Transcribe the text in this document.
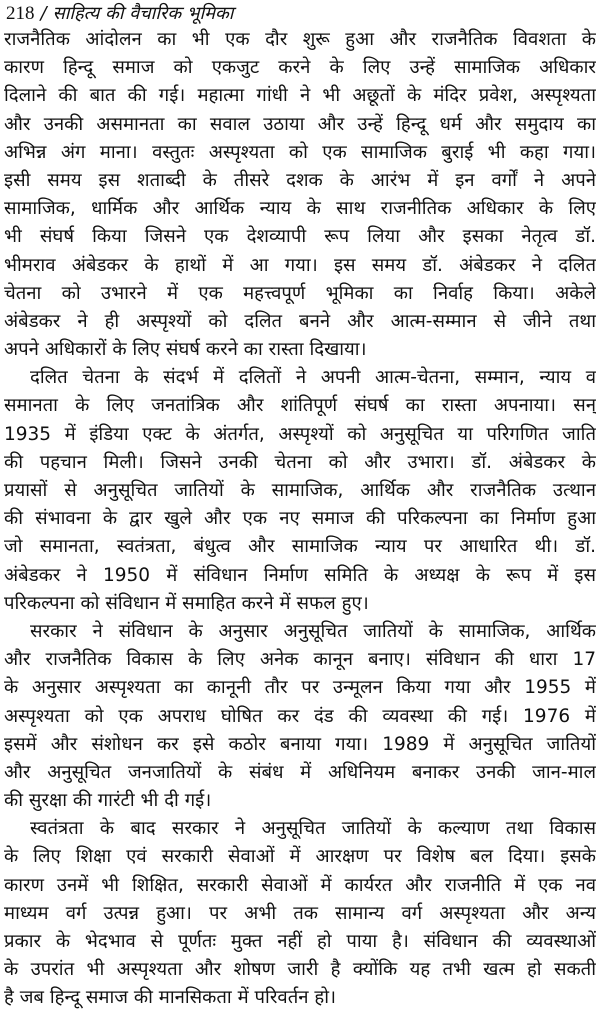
218 / साहित्य की वैचारिक भूमिका
राजनैतिक आंदोलन का भी एक दौर शुरू हुआ और राजनैतिक विवशता के
कारण हिन्दू समाज को एकजुट करने के लिए उन्हें सामाजिक अधिकार
दिलाने की बात की गई। महात्मा गांधी ने भी अछूतों के मंदिर प्रवेश, अस्पृश्यता
और उनकी असमानता का सवाल उठाया और उन्हें हिन्दू धर्म और समुदाय का
अभिन्न अंग माना। वस्तुतः अस्पृश्यता को एक सामाजिक बुराई भी कहा गया।
इसी समय इस शताब्दी के तीसरे दशक के आरंभ में इन वर्गों ने अपने
सामाजिक, धार्मिक और आर्थिक न्याय के साथ राजनीतिक अधिकार के लिए
भी संघर्ष किया जिसने एक देशव्यापी रूप लिया और इसका नेतृत्व डॉ.
भीमराव अंबेडकर के हाथों में आ गया। इस समय डॉ. अंबेडकर ने दलित
चेतना को उभारने में एक महत्त्वपूर्ण भूमिका का निर्वाह किया। अकेले
अंबेडकर ने ही अस्पृश्यों को दलित बनने और आत्म-सम्मान से जीने तथा
अपने अधिकारों के लिए संघर्ष करने का रास्ता दिखाया।
दलित चेतना के संदर्भ में दलितों ने अपनी आत्म-चेतना, सम्मान, न्याय व
समानता के लिए जनतांत्रिक और शांतिपूर्ण संघर्ष का रास्ता अपनाया। सन्
1935 में इंडिया एक्ट के अंतर्गत, अस्पृश्यों को अनुसूचित या परिगणित जाति
की पहचान मिली। जिसने उनकी चेतना को और उभारा। डॉ. अंबेडकर के
प्रयासों से अनुसूचित जातियों के सामाजिक, आर्थिक और राजनैतिक उत्थान
की संभावना के द्वार खुले और एक नए समाज की परिकल्पना का निर्माण हुआ
जो समानता, स्वतंत्रता, बंधुत्व और सामाजिक न्याय पर आधारित थी। डॉ.
अंबेडकर ने 1950 में संविधान निर्माण समिति के अध्यक्ष के रूप में इस
परिकल्पना को संविधान में समाहित करने में सफल हुए।
सरकार ने संविधान के अनुसार अनुसूचित जातियों के सामाजिक, आर्थिक
और राजनैतिक विकास के लिए अनेक कानून बनाए। संविधान की धारा 17
के अनुसार अस्पृश्यता का कानूनी तौर पर उन्मूलन किया गया और 1955 में
अस्पृश्यता को एक अपराध घोषित कर दंड की व्यवस्था की गई। 1976 में
इसमें और संशोधन कर इसे कठोर बनाया गया। 1989 में अनुसूचित जातियों
और अनुसूचित जनजातियों के संबंध में अधिनियम बनाकर उनकी जान-माल
की सुरक्षा की गारंटी भी दी गई।
स्वतंत्रता के बाद सरकार ने अनुसूचित जातियों के कल्याण तथा विकास
के लिए शिक्षा एवं सरकारी सेवाओं में आरक्षण पर विशेष बल दिया। इसके
कारण उनमें भी शिक्षित, सरकारी सेवाओं में कार्यरत और राजनीति में एक नव
माध्यम वर्ग उत्पन्न हुआ। पर अभी तक सामान्य वर्ग अस्पृश्यता और अन्य
प्रकार के भेदभाव से पूर्णतः मुक्त नहीं हो पाया है। संविधान की व्यवस्थाओं
के उपरांत भी अस्पृश्यता और शोषण जारी है क्योंकि यह तभी खत्म हो सकती
है जब हिन्दू समाज की मानसिकता में परिवर्तन हो।
